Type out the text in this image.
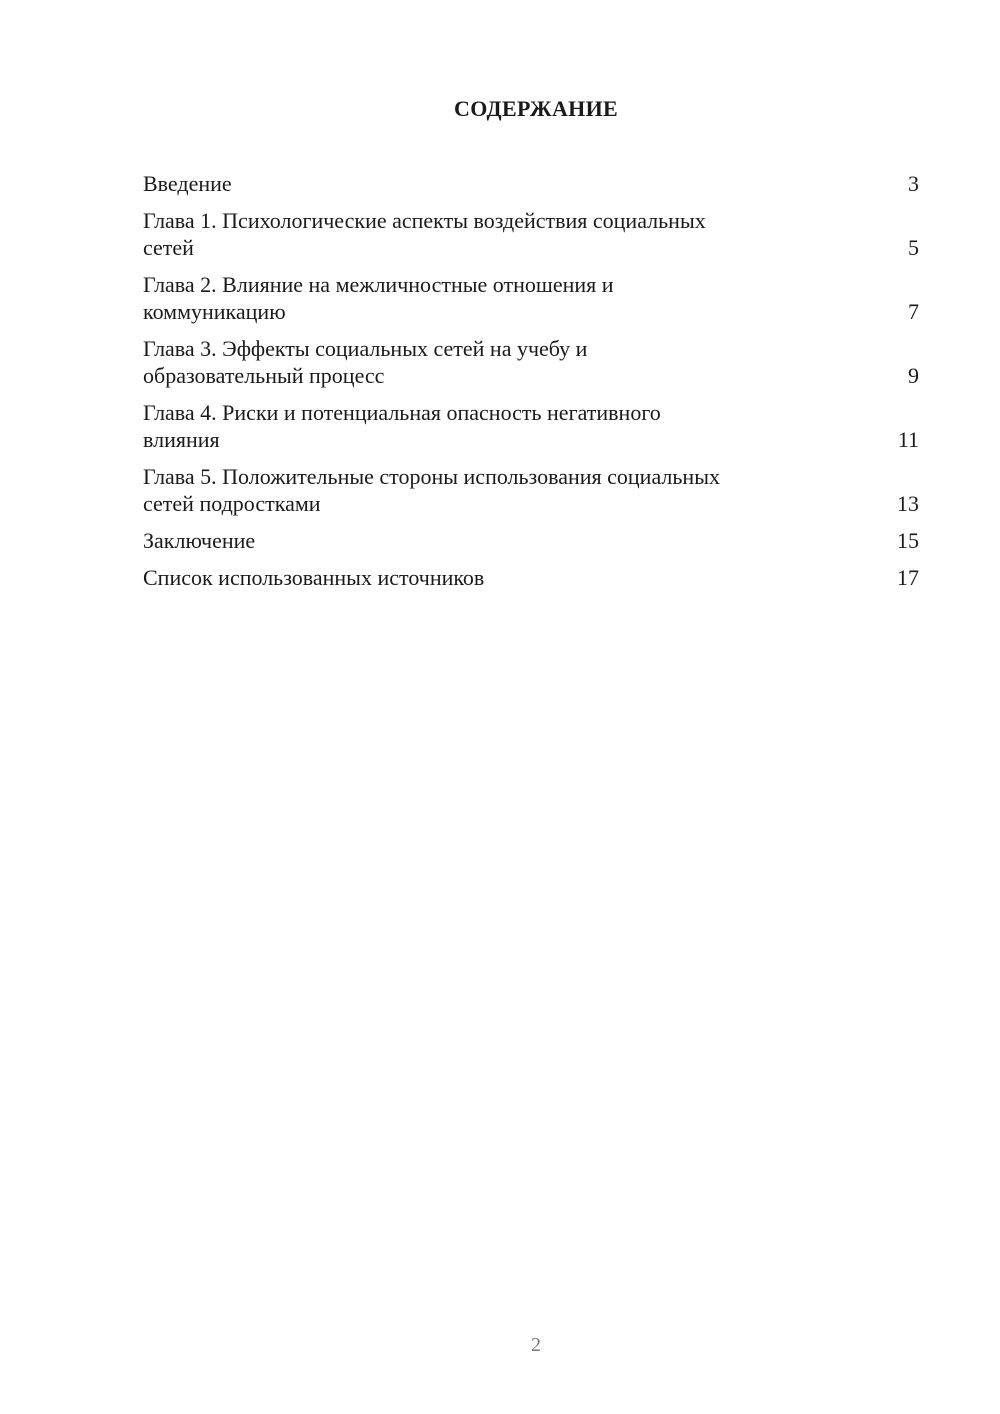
СОДЕРЖАНИЕ
Введение	3
Глава 1. Психологические аспекты воздействия социальных
сетей	5
Глава 2. Влияние на межличностные отношения и
коммуникацию	7
Глава 3. Эффекты социальных сетей на учебу и
образовательный процесс	9
Глава 4. Риски и потенциальная опасность негативного
влияния	11
Глава 5. Положительные стороны использования социальных
сетей подростками	13
Заключение	15
Список использованных источников	17
2
